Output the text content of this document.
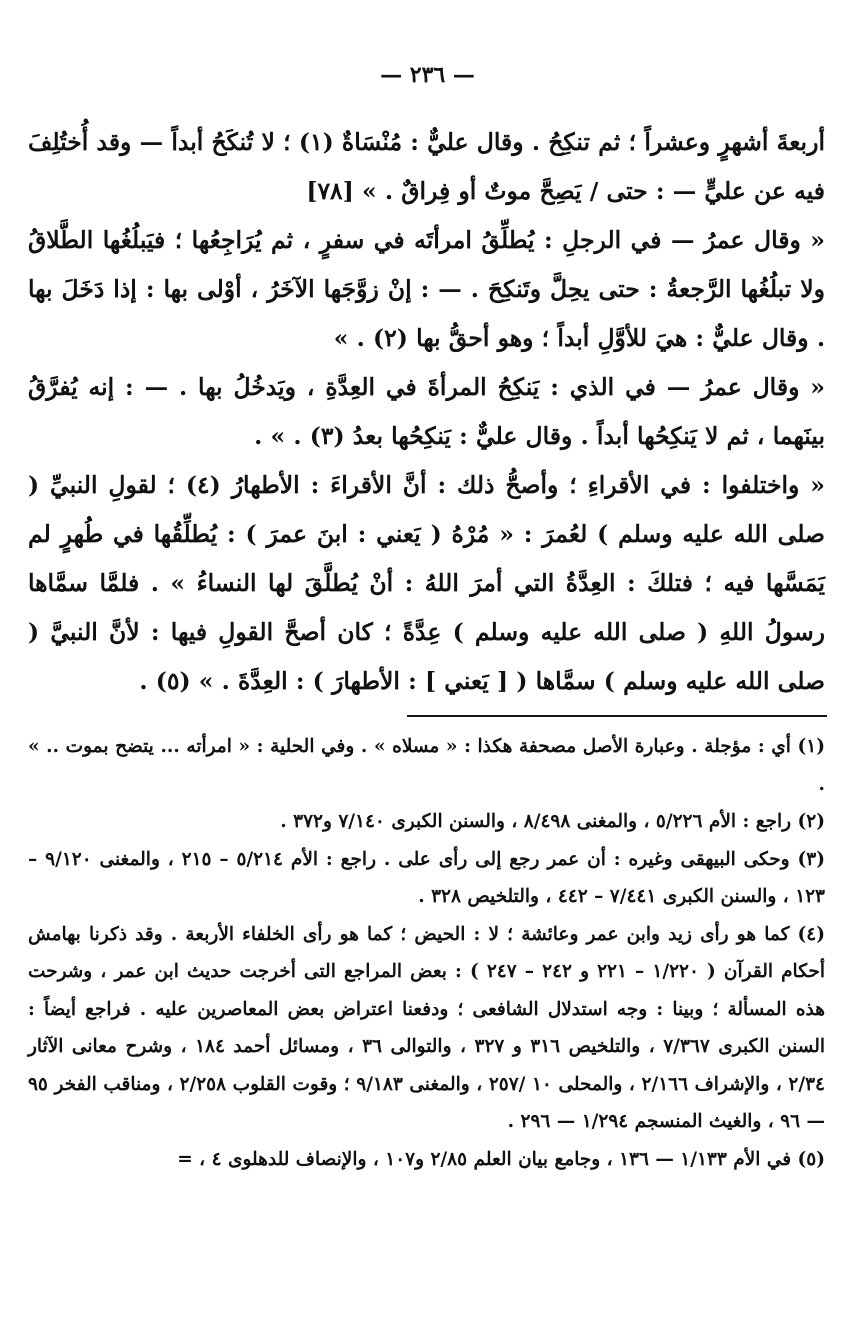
— ٢٣٦ —

أربعةَ أشهرٍ وعشراً ؛ ثم تنكِحُ . وقال عليٌّ : مُنْسَاةٌ (١) ؛ لا تُنكَحُ أبداً — وقد أُختُلِفَ فيه عن عليٍّ — : حتى / يَصِحَّ موتٌ أو فِراقٌ . » [٧٨]

« وقال عمرُ — في الرجلِ : يُطلِّقُ امرأتَه في سفرٍ ، ثم يُرَاجِعُها ؛ فيَبلُغُها الطَّلاقُ ولا تبلُغُها الرَّجعةُ : حتى يحِلَّ وتَنكِحَ . — : إنْ زوَّجَها الآخَرُ ، أوْلى بها : إذا دَخَلَ بها . وقال عليٌّ : هيَ للأوَّلِ أبداً ؛ وهو أحقُّ بها (٢) . »

« وقال عمرُ — في الذي : يَنكِحُ المرأةَ في العِدَّةِ ، ويَدخُلُ بها . — : إنه يُفرَّقُ بينَهما ، ثم لا يَنكِحُها أبداً . وقال عليٌّ : يَنكِحُها بعدُ (٣) . » .

« واختلفوا : في الأقراءِ ؛ وأصحُّ ذلك : أنَّ الأقراءَ : الأطهارُ (٤) ؛ لقولِ النبيِّ ( صلى الله عليه وسلم ) لعُمرَ : « مُرْهُ ( يَعني : ابنَ عمرَ ) : يُطلِّقُها في طُهرٍ لم يَمَسَّها فيه ؛ فتلكَ : العِدَّةُ التي أمرَ اللهُ : أنْ يُطلَّقَ لها النساءُ » . فلمَّا سمَّاها رسولُ اللهِ ( صلى الله عليه وسلم ) عِدَّةً ؛ كان أصحَّ القولِ فيها : لأنَّ النبيَّ ( صلى الله عليه وسلم ) سمَّاها ( [ يَعني ] : الأطهارَ ) : العِدَّةَ . » (٥) .

(١) أي : مؤجلة . وعبارة الأصل مصحفة هكذا : « مسلاه » . وفي الحلية : « امرأته ... يتضح بموت .. » .

(٢) راجع : الأم ٥/٢٢٦ ، والمغنى ٨/٤٩٨ ، والسنن الكبرى ٧/١٤٠ و٣٧٢ .

(٣) وحكى البيهقى وغيره : أن عمر رجع إلى رأى على . راجع : الأم ٥/٢١٤ – ٢١٥ ، والمغنى ٩/١٢٠ – ١٢٣ ، والسنن الكبرى ٧/٤٤١ – ٤٤٢ ، والتلخيص ٣٢٨ .

(٤) كما هو رأى زيد وابن عمر وعائشة ؛ لا : الحيض ؛ كما هو رأى الخلفاء الأربعة . وقد ذكرنا بهامش أحكام القرآن ( ١/٢٢٠ – ٢٢١ و ٢٤٢ – ٢٤٧ ) : بعض المراجع التى أخرجت حديث ابن عمر ، وشرحت هذه المسألة ؛ وبينا : وجه استدلال الشافعى ؛ ودفعنا اعتراض بعض المعاصرين عليه . فراجع أيضاً : السنن الكبرى ٧/٣٦٧ ، والتلخيص ٣١٦ و ٣٢٧ ، والتوالى ٣٦ ، ومسائل أحمد ١٨٤ ، وشرح معانى الآثار ٢/٣٤ ، والإشراف ٢/١٦٦ ، والمحلى ١٠ /٢٥٧ ، والمغنى ٩/١٨٣ ؛ وقوت القلوب ٢/٢٥٨ ، ومناقب الفخر ٩٥ — ٩٦ ، والغيث المنسجم ١/٢٩٤ — ٢٩٦ .

(٥) في الأم ١/١٣٣ — ١٣٦ ، وجامع بيان العلم ٢/٨٥ و١٠٧ ، والإنصاف للدهلوى ٤ ، =
